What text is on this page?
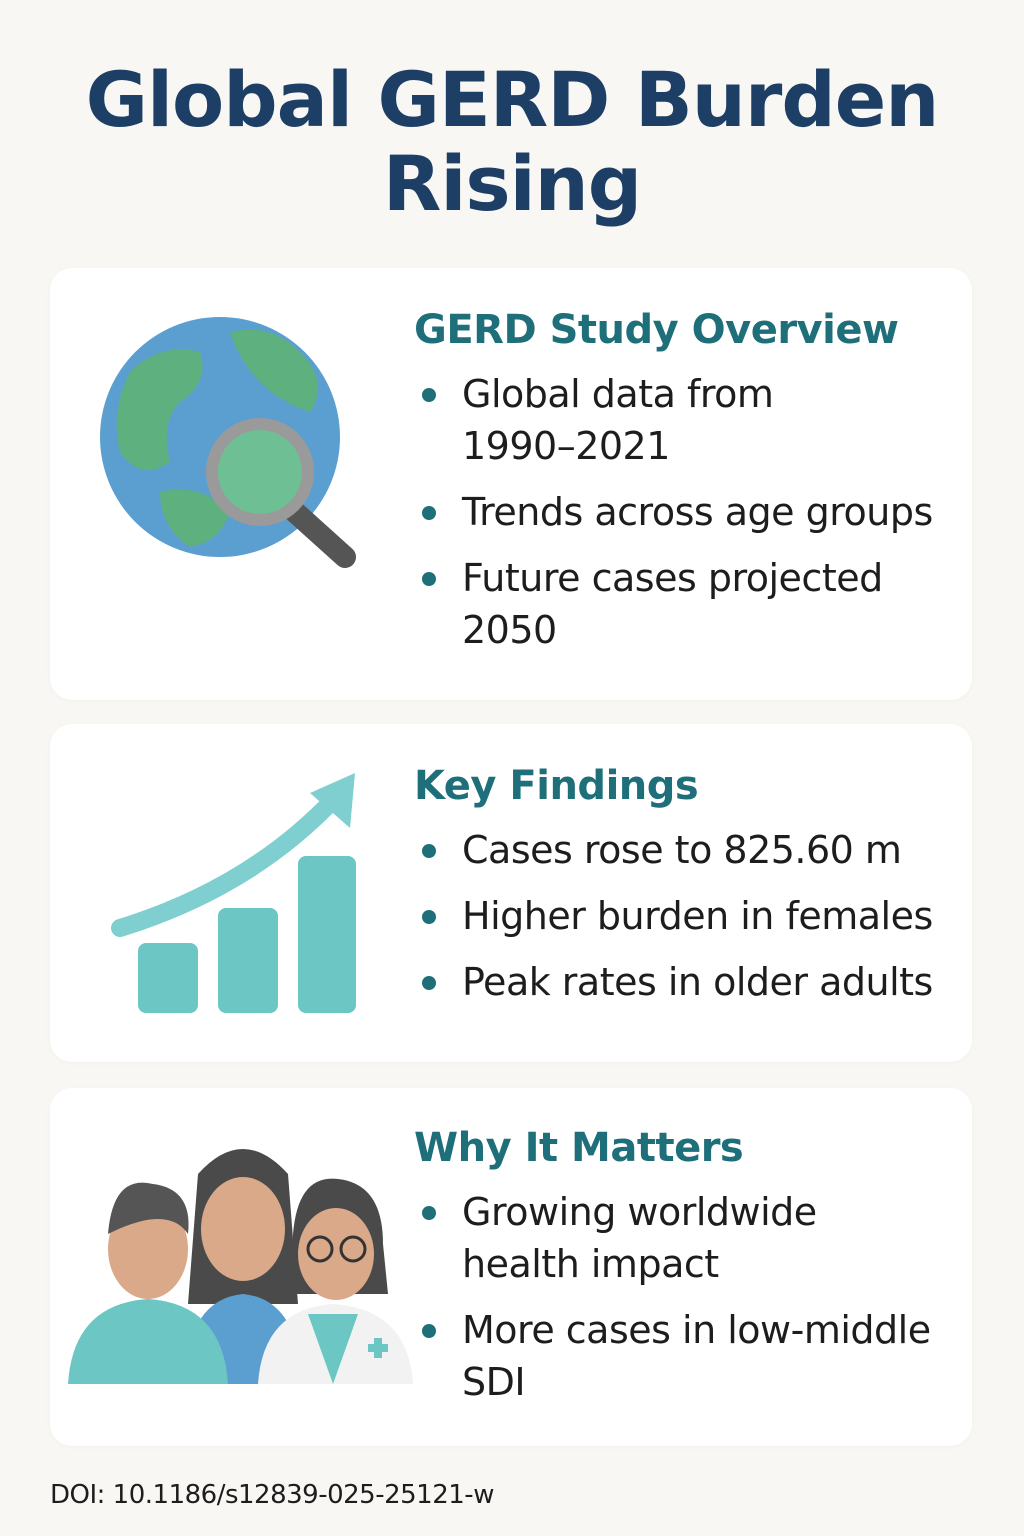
Global GERD Burden Rising
GERD Study Overview
Global data from 1990–2021
Trends across age groups
Future cases projected 2050
Key Findings
Cases rose to 825.60 m
Higher burden in females
Peak rates in older adults
Why It Matters
Growing worldwide health impact
More cases in low-middle SDI
DOI: 10.1186/s12839-025-25121-w
